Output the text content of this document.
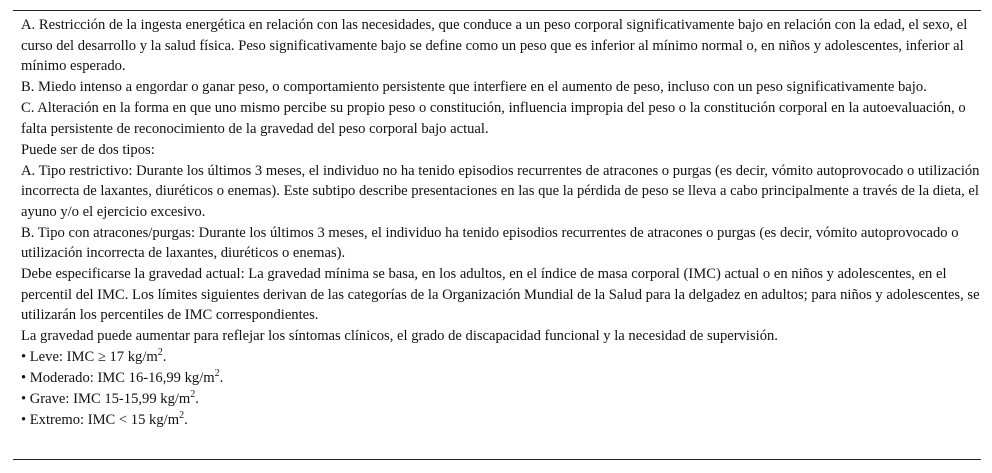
A. Restricción de la ingesta energética en relación con las necesidades, que conduce a un peso corporal significativamente bajo en relación con la edad, el sexo, el curso del desarrollo y la salud física. Peso significativamente bajo se define como un peso que es inferior al mínimo normal o, en niños y adolescentes, inferior al mínimo esperado.

B. Miedo intenso a engordar o ganar peso, o comportamiento persistente que interfiere en el aumento de peso, incluso con un peso significativamente bajo.

C. Alteración en la forma en que uno mismo percibe su propio peso o constitución, influencia impropia del peso o la constitución corporal en la autoevaluación, o falta persistente de reconocimiento de la gravedad del peso corporal bajo actual.

Puede ser de dos tipos:

A. Tipo restrictivo: Durante los últimos 3 meses, el individuo no ha tenido episodios recurrentes de atracones o purgas (es decir, vómito autoprovocado o utilización incorrecta de laxantes, diuréticos o enemas). Este subtipo describe presentaciones en las que la pérdida de peso se lleva a cabo principalmente a través de la dieta, el ayuno y/o el ejercicio excesivo.

B. Tipo con atracones/purgas: Durante los últimos 3 meses, el individuo ha tenido episodios recurrentes de atracones o purgas (es decir, vómito autoprovocado o utilización incorrecta de laxantes, diuréticos o enemas).

Debe especificarse la gravedad actual: La gravedad mínima se basa, en los adultos, en el índice de masa corporal (IMC) actual o en niños y adolescentes, en el percentil del IMC. Los límites siguientes derivan de las categorías de la Organización Mundial de la Salud para la delgadez en adultos; para niños y adolescentes, se utilizarán los percentiles de IMC correspondientes.

La gravedad puede aumentar para reflejar los síntomas clínicos, el grado de discapacidad funcional y la necesidad de supervisión.

• Leve: IMC ≥ 17 $kg/m^2$.

• Moderado: IMC 16-16,99 $kg/m^2$.

• Grave: IMC 15-15,99 $kg/m^2$.

• Extremo: IMC < 15 $kg/m^2$.
